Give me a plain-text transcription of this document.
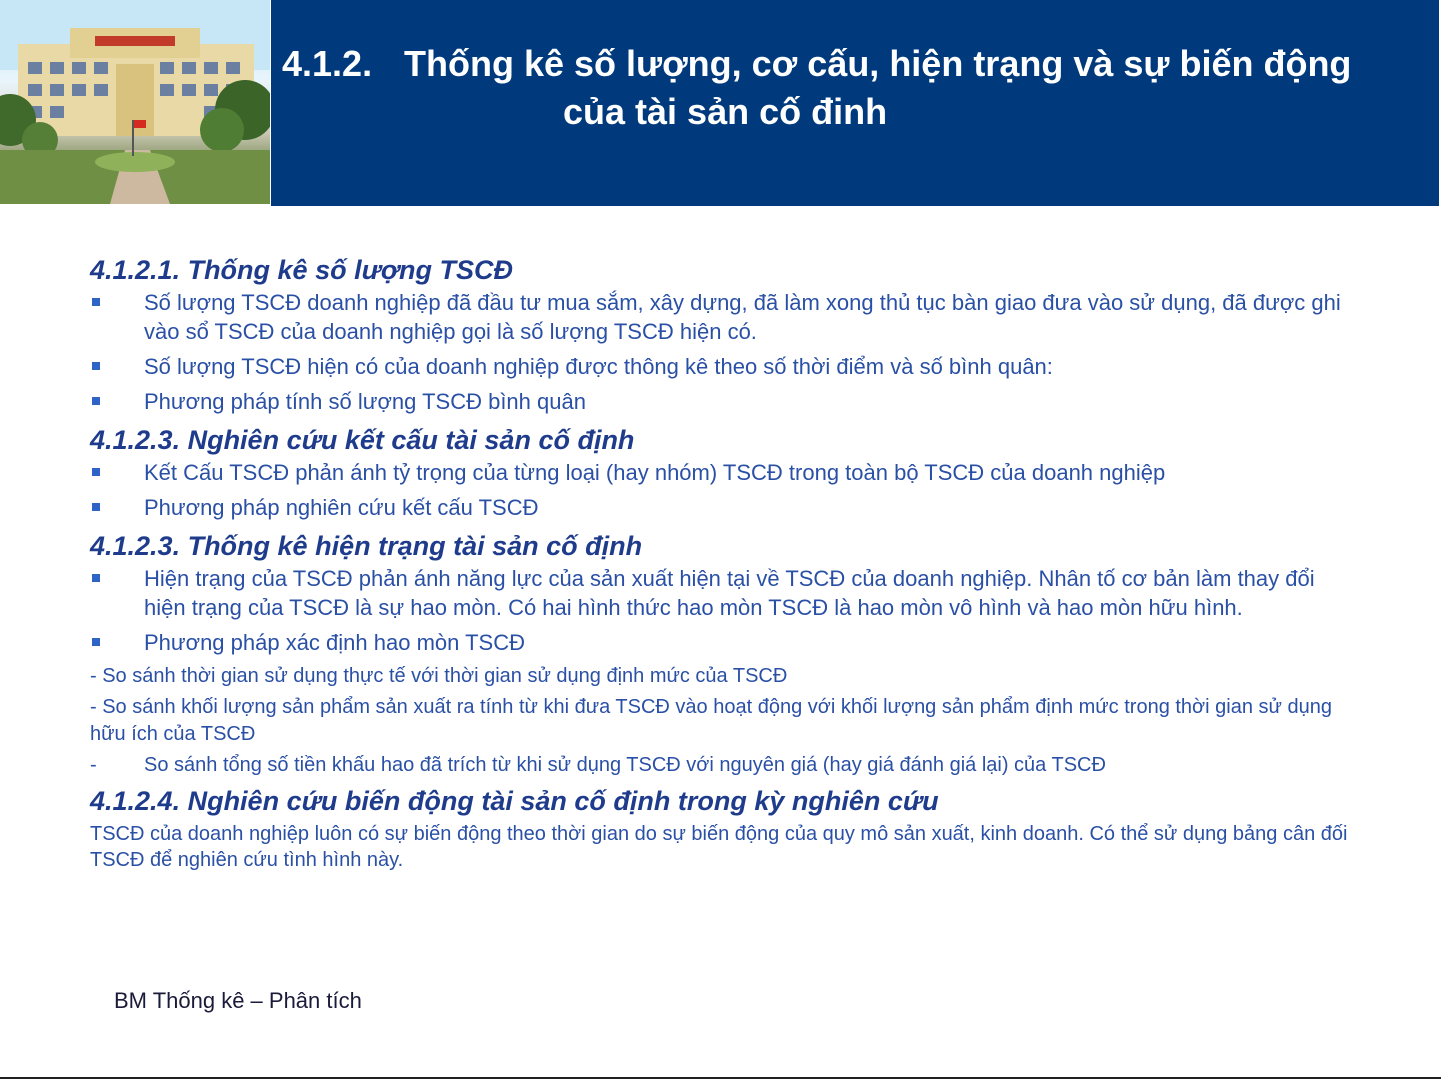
4.1.2. Thống kê số lượng, cơ cấu, hiện trạng và sự biến động
của tài sản cố đinh
4.1.2.1. Thống kê số lượng TSCĐ
Số lượng TSCĐ doanh nghiệp đã đầu tư mua sắm, xây dựng, đã làm xong thủ tục bàn giao đưa vào sử dụng, đã được ghi vào sổ TSCĐ của doanh nghiệp gọi là số lượng TSCĐ hiện có.
Số lượng TSCĐ hiện có của doanh nghiệp được thông kê theo số thời điểm và số bình quân:
Phương pháp tính số lượng TSCĐ bình quân
4.1.2.3. Nghiên cứu kết cấu tài sản cố định
Kết Cấu TSCĐ phản ánh tỷ trọng của từng loại (hay nhóm) TSCĐ trong toàn bộ TSCĐ của doanh nghiệp
Phương pháp nghiên cứu kết cấu TSCĐ
4.1.2.3. Thống kê hiện trạng tài sản cố định
Hiện trạng của TSCĐ phản ánh năng lực của sản xuất hiện tại về TSCĐ của doanh nghiệp. Nhân tố cơ bản làm thay đổi hiện trạng của TSCĐ là sự hao mòn. Có hai hình thức hao mòn TSCĐ là hao mòn vô hình và hao mòn hữu hình.
Phương pháp xác định hao mòn TSCĐ
- So sánh thời gian sử dụng thực tế với thời gian sử dụng định mức của TSCĐ
- So sánh khối lượng sản phẩm sản xuất ra tính từ khi đưa TSCĐ vào hoạt động với khối lượng sản phẩm định mức trong thời gian sử dụng hữu ích của TSCĐ
-	So sánh tổng số tiền khấu hao đã trích từ khi sử dụng TSCĐ với nguyên giá (hay giá đánh giá lại) của TSCĐ
4.1.2.4. Nghiên cứu biến động tài sản cố định trong kỳ nghiên cứu
TSCĐ của doanh nghiệp luôn có sự biến động theo thời gian do sự biến động của quy mô sản xuất, kinh doanh. Có thể sử dụng bảng cân đối TSCĐ để nghiên cứu tình hình này.
BM Thống kê – Phân tích
